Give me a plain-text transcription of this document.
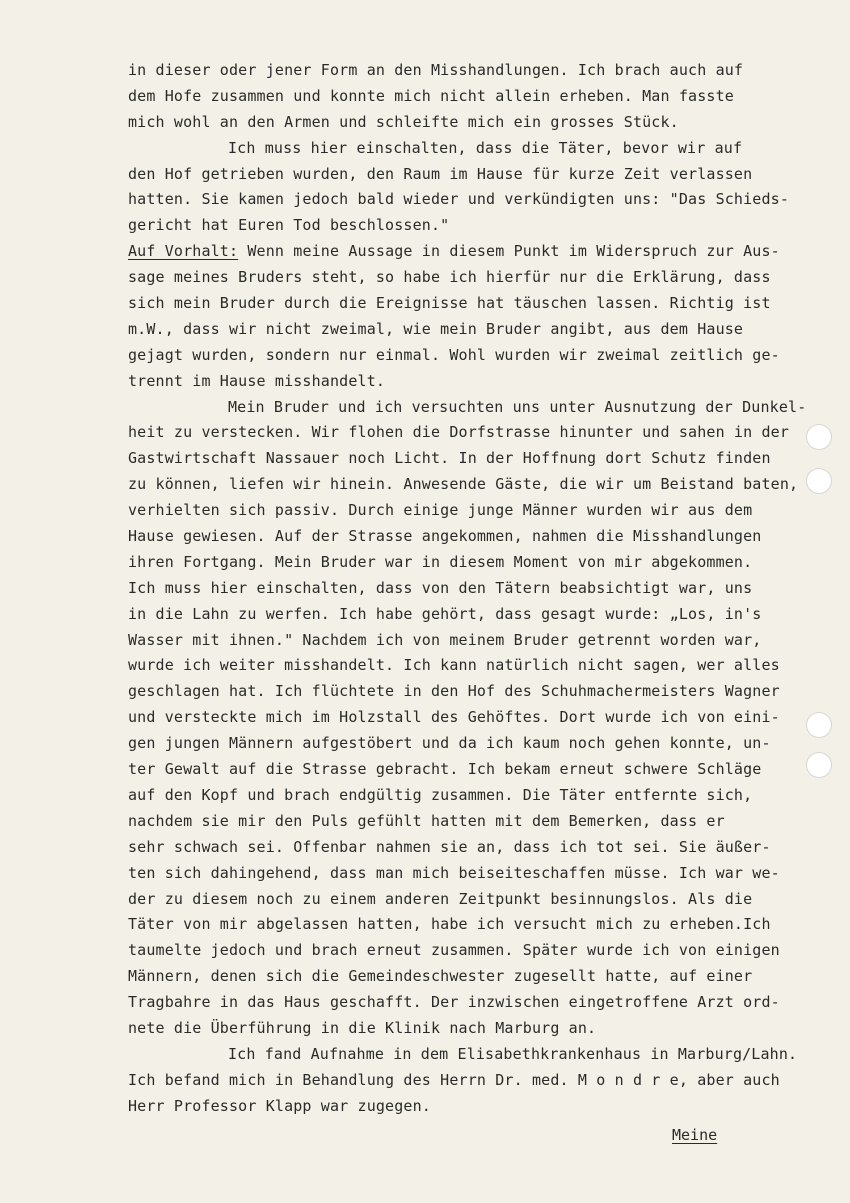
in dieser oder jener Form an den Misshandlungen. Ich brach auch auf
dem Hofe zusammen und konnte mich nicht allein erheben. Man fasste
mich wohl an den Armen und schleifte mich ein grosses Stück.
Ich muss hier einschalten, dass die Täter, bevor wir auf
den Hof getrieben wurden, den Raum im Hause für kurze Zeit verlassen
hatten. Sie kamen jedoch bald wieder und verkündigten uns: "Das Schieds-
gericht hat Euren Tod beschlossen."
Auf Vorhalt: Wenn meine Aussage in diesem Punkt im Widerspruch zur Aus-
sage meines Bruders steht, so habe ich hierfür nur die Erklärung, dass
sich mein Bruder durch die Ereignisse hat täuschen lassen. Richtig ist
m.W., dass wir nicht zweimal, wie mein Bruder angibt, aus dem Hause
gejagt wurden, sondern nur einmal. Wohl wurden wir zweimal zeitlich ge-
trennt im Hause misshandelt.
Mein Bruder und ich versuchten uns unter Ausnutzung der Dunkel-
heit zu verstecken. Wir flohen die Dorfstrasse hinunter und sahen in der
Gastwirtschaft Nassauer noch Licht. In der Hoffnung dort Schutz finden
zu können, liefen wir hinein. Anwesende Gäste, die wir um Beistand baten,
verhielten sich passiv. Durch einige junge Männer wurden wir aus dem
Hause gewiesen. Auf der Strasse angekommen, nahmen die Misshandlungen
ihren Fortgang. Mein Bruder war in diesem Moment von mir abgekommen.
Ich muss hier einschalten, dass von den Tätern beabsichtigt war, uns
in die Lahn zu werfen. Ich habe gehört, dass gesagt wurde: „Los, in's
Wasser mit ihnen." Nachdem ich von meinem Bruder getrennt worden war,
wurde ich weiter misshandelt. Ich kann natürlich nicht sagen, wer alles
geschlagen hat. Ich flüchtete in den Hof des Schuhmachermeisters Wagner
und versteckte mich im Holzstall des Gehöftes. Dort wurde ich von eini-
gen jungen Männern aufgestöbert und da ich kaum noch gehen konnte, un-
ter Gewalt auf die Strasse gebracht. Ich bekam erneut schwere Schläge
auf den Kopf und brach endgültig zusammen. Die Täter entfernte sich,
nachdem sie mir den Puls gefühlt hatten mit dem Bemerken, dass er
sehr schwach sei. Offenbar nahmen sie an, dass ich tot sei. Sie äußer-
ten sich dahingehend, dass man mich beiseiteschaffen müsse. Ich war we-
der zu diesem noch zu einem anderen Zeitpunkt besinnungslos. Als die
Täter von mir abgelassen hatten, habe ich versucht mich zu erheben.Ich
taumelte jedoch und brach erneut zusammen. Später wurde ich von einigen
Männern, denen sich die Gemeindeschwester zugesellt hatte, auf einer
Tragbahre in das Haus geschafft. Der inzwischen eingetroffene Arzt ord-
nete die Überführung in die Klinik nach Marburg an.
Ich fand Aufnahme in dem Elisabethkrankenhaus in Marburg/Lahn.
Ich befand mich in Behandlung des Herrn Dr. med. M o n d r e, aber auch
Herr Professor Klapp war zugegen.
Meine
